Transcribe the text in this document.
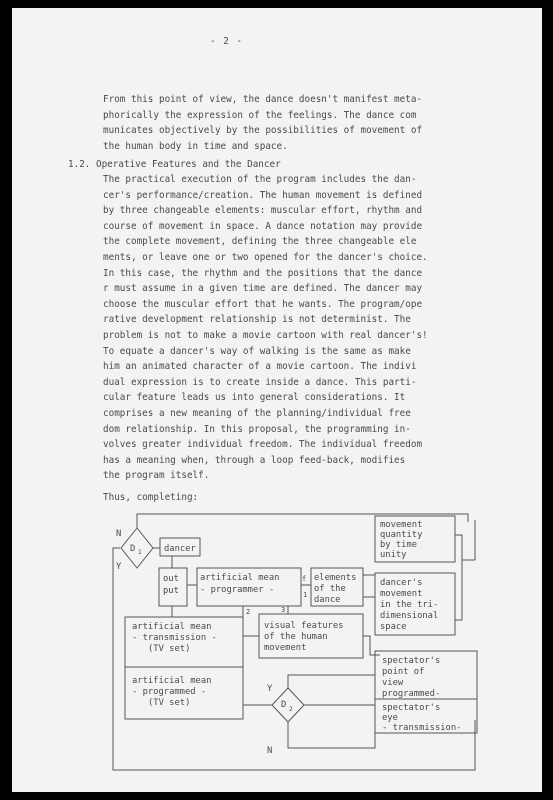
- 2 -
From this point of view, the dance doesn't manifest meta-
phorically the expression of the feelings. The dance com
municates objectively by the possibilities of movement of
the human body in time and space.
1.2. Operative Features and the Dancer
The practical execution of the program includes the dan-
cer's performance/creation. The human movement is defined
by three changeable elements: muscular effort, rhythm and
course of movement in space. A dance notation may provide
the complete movement, defining the three changeable ele
ments, or leave one or two opened for the dancer's choice.
In this case, the rhythm and the positions that the dance
r must assume in a given time are defined. The dancer may
choose the muscular effort that he wants. The program/ope
rative development relationship is not determinist. The
problem is not to make a movie cartoon with real dancer's!
To equate a dancer's way of walking is the same as make
him an animated character of a movie cartoon. The indivi
dual expression is to create inside a dance. This parti-
cular feature leads us into general considerations. It
comprises a new meaning of the planning/individual free
dom relationship. In this proposal, the programming in-
volves greater individual freedom. The individual freedom
has a meaning when, through a loop feed-back, modifies
the program itself.
Thus, completing:
D 1
N
Y
dancer
out
put
artificial mean
- programmer -
f
1
elements
of the
dance
movement
quantity
by time
unity
dancer's
movement
in the tri-
dimensional
space
artificial mean
- transmission -
(TV set)
artificial mean
- programmed -
(TV set)
2
visual features
of the human
movement
3
spectator's
point of
view
programmed-
spectator's
eye
- transmission-
D 2
Y
N
